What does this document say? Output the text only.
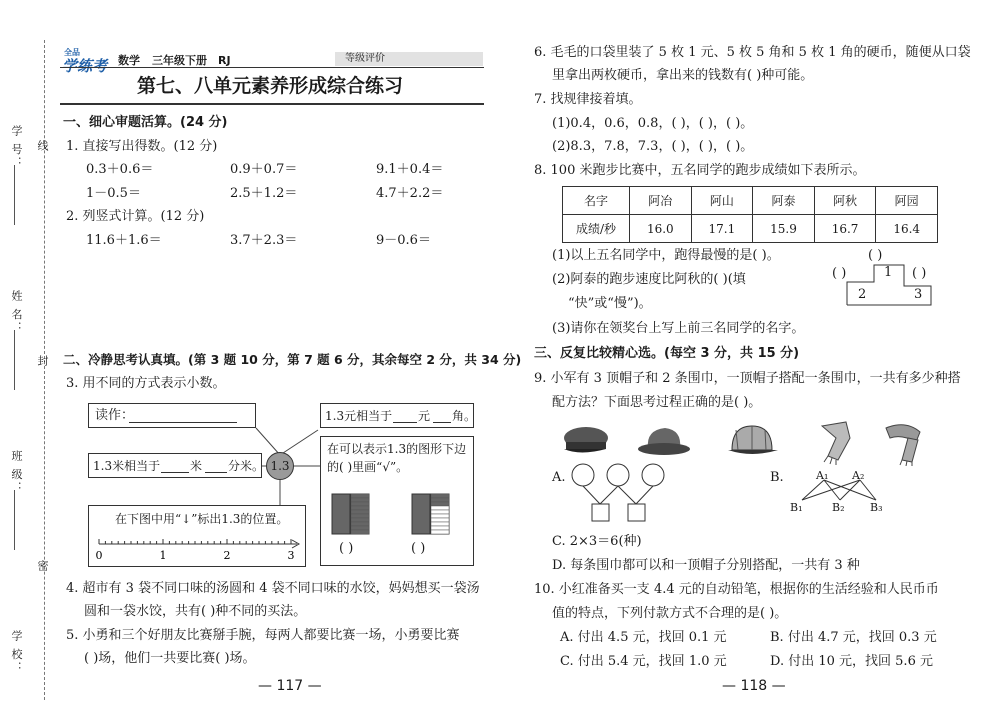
学 号： 线
姓 名：
封
班 级：
密
学 校：
全品
学练考 数学 三年级下册 RJ	等级评价
第七、八单元素养形成综合练习
一、细心审题活算。(24 分)
1. 直接写出得数。(12 分)
0.3＋0.6＝	0.9＋0.7＝	9.1＋0.4＝
1－0.5＝	2.5＋1.2＝	4.7＋2.2＝
2. 列竖式计算。(12 分)
11.6＋1.6＝	3.7＋2.3＝	9－0.6＝
二、冷静思考认真填。(第 3 题 10 分，第 7 题 6 分，其余每空 2 分，共 34 分)
3. 用不同的方式表示小数。
读作：	1.3元相当于 元 角。
1.3米相当于 米 分米。 1.3
在可以表示1.3的图形下边
的( )里画“√”。
( )	( )
在下图中用“↓”标出1.3的位置。
0	1	2	3
4. 超市有 3 袋不同口味的汤圆和 4 袋不同口味的水饺，妈妈想买一袋汤
圆和一袋水饺，共有( )种不同的买法。
5. 小勇和三个好朋友比赛掰手腕，每两人都要比赛一场，小勇要比赛
( )场，他们一共要比赛( )场。
— 117 —
6. 毛毛的口袋里装了 5 枚 1 元、5 枚 5 角和 5 枚 1 角的硬币，随便从口袋
里拿出两枚硬币，拿出来的钱数有( )种可能。
7. 找规律接着填。
(1)0.4，0.6，0.8，( )，( )，( )。
(2)8.3，7.8，7.3，( )，( )，( )。
8. 100 米跑步比赛中，五名同学的跑步成绩如下表所示。
名字	阿冶	阿山	阿泰	阿秋	阿园
成绩/秒	16.0	17.1	15.9	16.7	16.4
(1)以上五名同学中，跑得最慢的是( )。
(2)阿泰的跑步速度比阿秋的( )(填
“快”或“慢”)。
(3)请你在领奖台上写上前三名同学的名字。
( )
( )	( )
1
2	3
三、反复比较精心选。(每空 3 分，共 15 分)
9. 小军有 3 顶帽子和 2 条围巾，一顶帽子搭配一条围巾，一共有多少种搭
配方法？下面思考过程正确的是( )。
A.	B.	A₁ A₂
B₁	B₂ B₃
C. 2×3＝6(种)
D. 每条围巾都可以和一顶帽子分别搭配，一共有 3 种
10. 小红准备买一支 4.4 元的自动铅笔，根据你的生活经验和人民币币
值的特点，下列付款方式不合理的是( )。
A. 付出 4.5 元，找回 0.1 元	B. 付出 4.7 元，找回 0.3 元
C. 付出 5.4 元，找回 1.0 元	D. 付出 10 元，找回 5.6 元
— 118 —
